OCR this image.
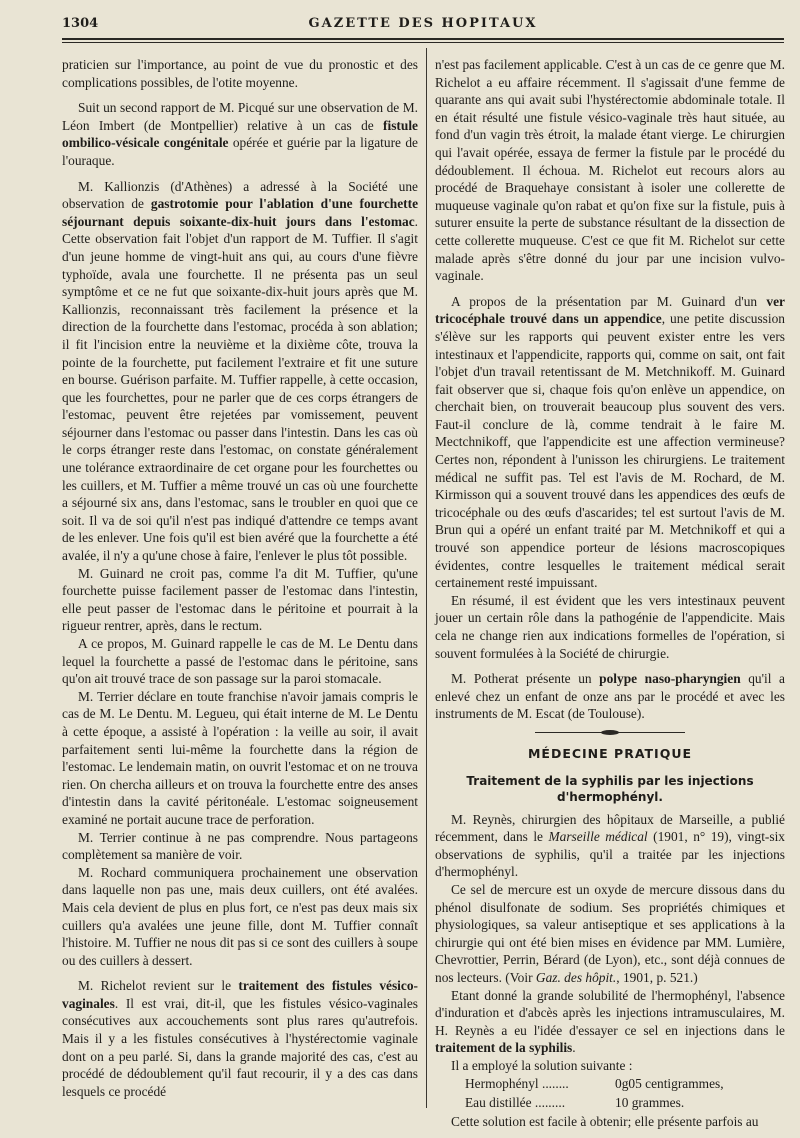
1304	GAZETTE DES HOPITAUX

praticien sur l'importance, au point de vue du pronostic et des complications possibles, de l'otite moyenne.

Suit un second rapport de M. Picqué sur une observation de M. Léon Imbert (de Montpellier) relative à un cas de fistule ombilico-vésicale congénitale opérée et guérie par la ligature de l'ouraque.

M. Kallionzis (d'Athènes) a adressé à la Société une observation de gastrotomie pour l'ablation d'une fourchette séjournant depuis soixante-dix-huit jours dans l'estomac. Cette observation fait l'objet d'un rapport de M. Tuffier. Il s'agit d'un jeune homme de vingt-huit ans qui, au cours d'une fièvre typhoïde, avala une fourchette. Il ne présenta pas un seul symptôme et ce ne fut que soixante-dix-huit jours après que M. Kallionzis, reconnaissant très facilement la présence et la direction de la fourchette dans l'estomac, procéda à son ablation; il fit l'incision entre la neuvième et la dixième côte, trouva la pointe de la fourchette, put facilement l'extraire et fit une suture en bourse. Guérison parfaite. M. Tuffier rappelle, à cette occasion, que les fourchettes, pour ne parler que de ces corps étrangers de l'estomac, peuvent être rejetées par vomissement, peuvent séjourner dans l'estomac ou passer dans l'intestin. Dans les cas où le corps étranger reste dans l'estomac, on constate généralement une tolérance extraordinaire de cet organe pour les fourchettes ou les cuillers, et M. Tuffier a même trouvé un cas où une fourchette a séjourné six ans, dans l'estomac, sans le troubler en quoi que ce soit. Il va de soi qu'il n'est pas indiqué d'attendre ce temps avant de les enlever. Une fois qu'il est bien avéré que la fourchette a été avalée, il n'y a qu'une chose à faire, l'enlever le plus tôt possible.

M. Guinard ne croit pas, comme l'a dit M. Tuffier, qu'une fourchette puisse facilement passer de l'estomac dans l'intestin, elle peut passer de l'estomac dans le péritoine et pourrait à la rigueur rentrer, après, dans le rectum.

A ce propos, M. Guinard rappelle le cas de M. Le Dentu dans lequel la fourchette a passé de l'estomac dans le péritoine, sans qu'on ait trouvé trace de son passage sur la paroi stomacale.

M. Terrier déclare en toute franchise n'avoir jamais compris le cas de M. Le Dentu. M. Legueu, qui était interne de M. Le Dentu à cette époque, a assisté à l'opération : la veille au soir, il avait parfaitement senti lui-même la fourchette dans la région de l'estomac. Le lendemain matin, on ouvrit l'estomac et on ne trouva rien. On chercha ailleurs et on trouva la fourchette entre des anses d'intestin dans la cavité péritonéale. L'estomac soigneusement examiné ne portait aucune trace de perforation.

M. Terrier continue à ne pas comprendre. Nous partageons complètement sa manière de voir.

M. Rochard communiquera prochainement une observation dans laquelle non pas une, mais deux cuillers, ont été avalées. Mais cela devient de plus en plus fort, ce n'est pas deux mais six cuillers qu'a avalées une jeune fille, dont M. Tuffier connaît l'histoire. M. Tuffier ne nous dit pas si ce sont des cuillers à soupe ou des cuillers à dessert.

M. Richelot revient sur le traitement des fistules vésico-vaginales. Il est vrai, dit-il, que les fistules vésico-vaginales consécutives aux accouchements sont plus rares qu'autrefois. Mais il y a les fistules consécutives à l'hystérectomie vaginale dont on a peu parlé. Si, dans la grande majorité des cas, c'est au procédé de dédoublement qu'il faut recourir, il y a des cas dans lesquels ce procédé

n'est pas facilement applicable. C'est à un cas de ce genre que M. Richelot a eu affaire récemment. Il s'agissait d'une femme de quarante ans qui avait subi l'hystérectomie abdominale totale. Il en était résulté une fistule vésico-vaginale très haut située, au fond d'un vagin très étroit, la malade étant vierge. Le chirurgien qui l'avait opérée, essaya de fermer la fistule par le procédé du dédoublement. Il échoua. M. Richelot eut recours alors au procédé de Braquehaye consistant à isoler une collerette de muqueuse vaginale qu'on rabat et qu'on fixe sur la fistule, puis à suturer ensuite la perte de substance résultant de la dissection de cette collerette muqueuse. C'est ce que fit M. Richelot sur cette malade après s'être donné du jour par une incision vulvo-vaginale.

A propos de la présentation par M. Guinard d'un ver tricocéphale trouvé dans un appendice, une petite discussion s'élève sur les rapports qui peuvent exister entre les vers intestinaux et l'appendicite, rapports qui, comme on sait, ont fait l'objet d'un travail retentissant de M. Metchnikoff. M. Guinard fait observer que si, chaque fois qu'on enlève un appendice, on cherchait bien, on trouverait beaucoup plus souvent des vers. Faut-il conclure de là, comme tendrait à le faire M. Mectchnikoff, que l'appendicite est une affection vermineuse? Certes non, répondent à l'unisson les chirurgiens. Le traitement médical ne suffit pas. Tel est l'avis de M. Rochard, de M. Kirmisson qui a souvent trouvé dans les appendices des œufs de tricocéphale ou des œufs d'ascarides; tel est surtout l'avis de M. Brun qui a opéré un enfant traité par M. Metchnikoff et qui a trouvé son appendice porteur de lésions macroscopiques évidentes, contre lesquelles le traitement médical serait certainement resté impuissant.

En résumé, il est évident que les vers intestinaux peuvent jouer un certain rôle dans la pathogénie de l'appendicite. Mais cela ne change rien aux indications formelles de l'opération, si souvent formulées à la Société de chirurgie.

M. Potherat présente un polype naso-pharyngien qu'il a enlevé chez un enfant de onze ans par le procédé et avec les instruments de M. Escat (de Toulouse).

MÉDECINE PRATIQUE
Traitement de la syphilis par les injections
d'hermophényl.

M. Reynès, chirurgien des hôpitaux de Marseille, a publié récemment, dans le Marseille médical (1901, n° 19), vingt-six observations de syphilis, qu'il a traitée par les injections d'hermophényl.

Ce sel de mercure est un oxyde de mercure dissous dans du phénol disulfonate de sodium. Ses propriétés chimiques et physiologiques, sa valeur antiseptique et ses applications à la chirurgie qui ont été bien mises en évidence par MM. Lumière, Chevrottier, Perrin, Bérard (de Lyon), etc., sont déjà connues de nos lecteurs. (Voir Gaz. des hôpit., 1901, p. 521.)

Etant donné la grande solubilité de l'hermophényl, l'absence d'induration et d'abcès après les injections intramusculaires, M. H. Reynès a eu l'idée d'essayer ce sel en injections dans le traitement de la syphilis.

Il a employé la solution suivante :

Hermophényl ........	0g05 centigrammes,
Eau distillée .........	10 grammes.

Cette solution est facile à obtenir; elle présente parfois au
